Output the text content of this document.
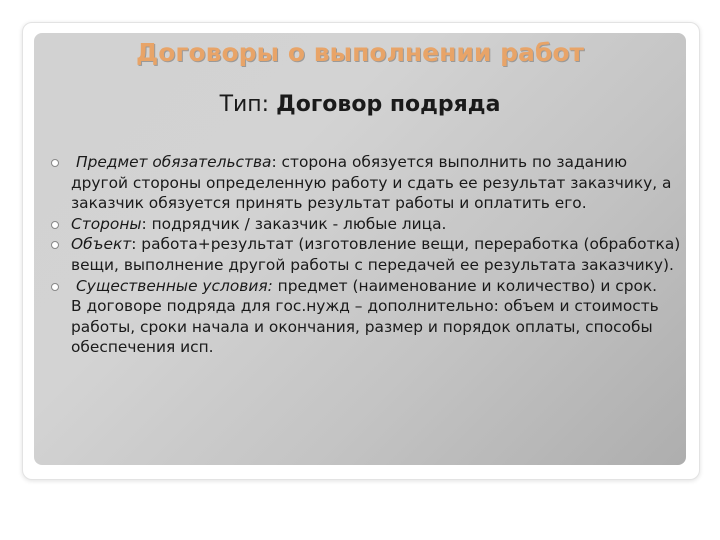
Договоры о выполнении работ

Тип: Договор подряда

Предмет обязательства: сторона обязуется выполнить по заданию другой стороны определенную работу и сдать ее результат заказчику, а заказчик обязуется принять результат работы и оплатить его.
Стороны: подрядчик / заказчик - любые лица.
Объект: работа+результат (изготовление вещи, переработка (обработка) вещи, выполнение другой работы с передачей ее результата заказчику).
Существенные условия: предмет (наименование и количество) и срок.

В договоре подряда для гос.нужд – дополнительно: объем и стоимость работы, сроки начала и окончания, размер и порядок оплаты, способы обеспечения исп.
